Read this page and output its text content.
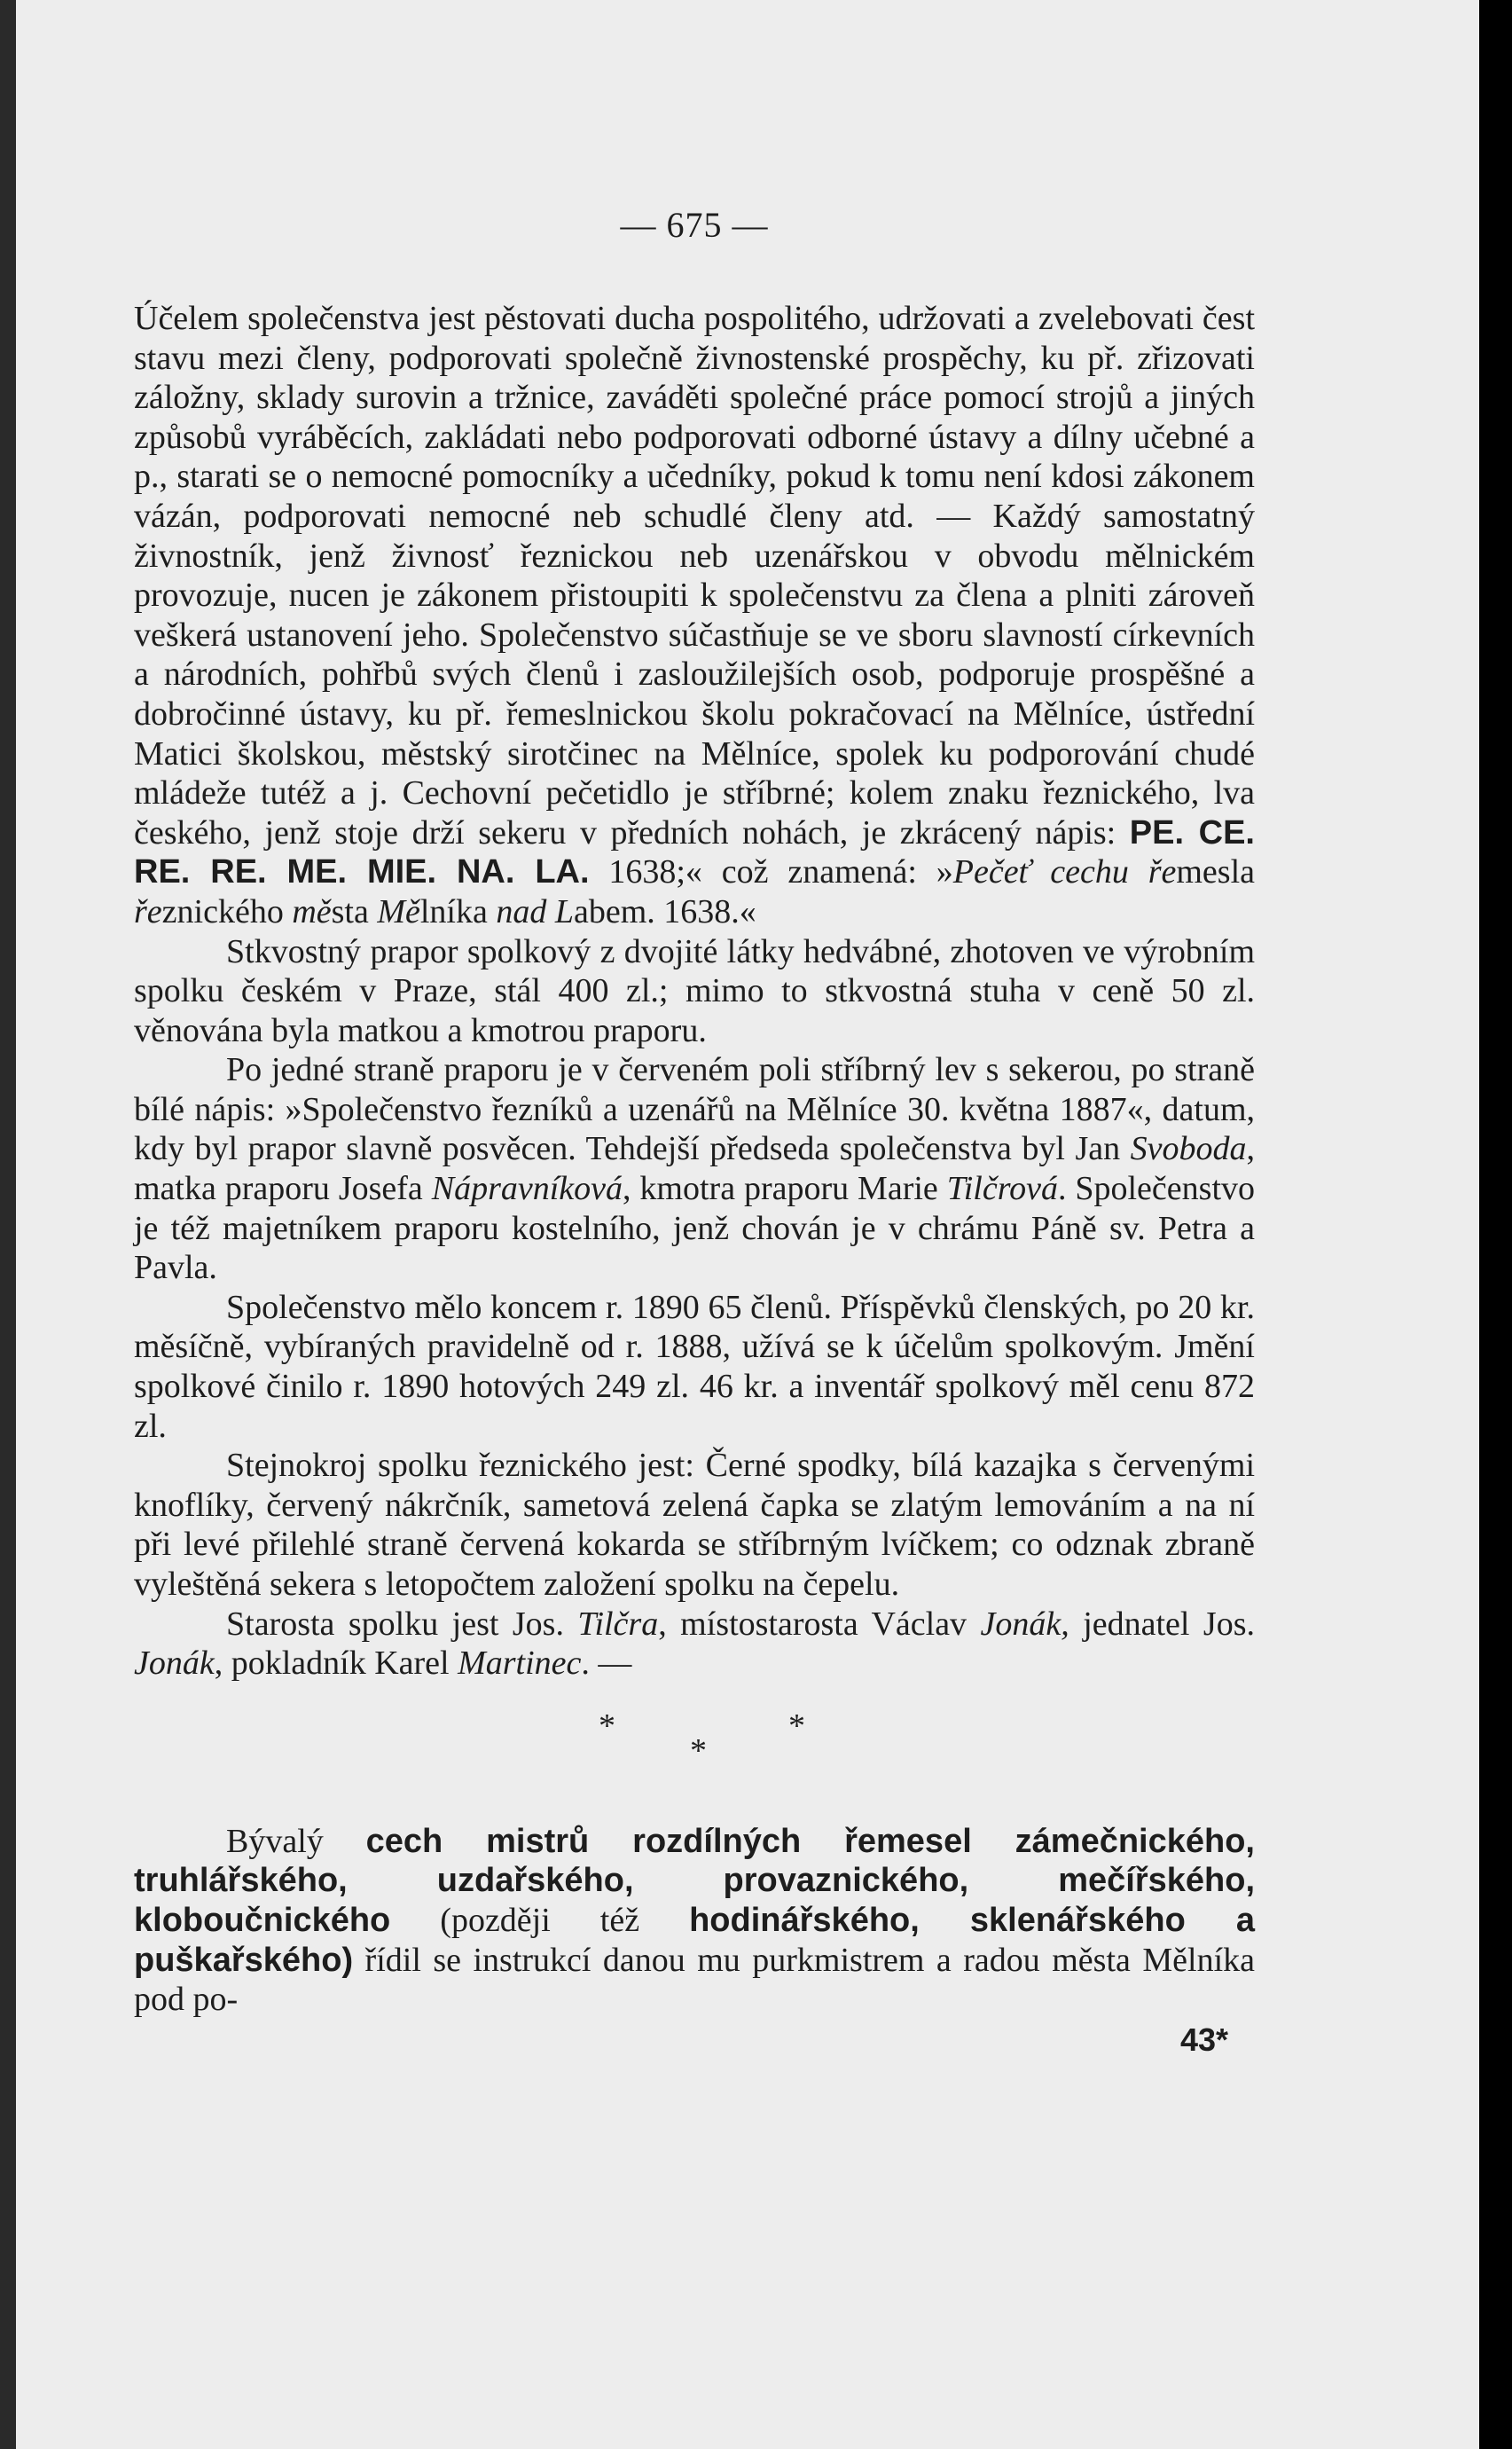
— 675 —

Účelem společenstva jest pěstovati ducha pospolitého, udržovati a zvelebovati čest stavu mezi členy, podporovati společně živnostenské prospěchy, ku př. zřizovati záložny, sklady surovin a tržnice, zaváděti společné práce pomocí strojů a jiných způsobů vyráběcích, zakládati nebo podporovati odborné ústavy a dílny učebné a p., starati se o nemocné pomocníky a učedníky, pokud k tomu není kdosi zákonem vázán, podporovati nemocné neb schudlé členy atd. — Každý samostatný živnostník, jenž živnosť řeznickou neb uzenářskou v obvodu mělnickém provozuje, nucen je zákonem přistoupiti k společenstvu za člena a plniti zároveň veškerá ustanovení jeho. Společenstvo súčastňuje se ve sboru slavností církevních a národních, pohřbů svých členů i zasloužilejších osob, podporuje prospěšné a dobročinné ústavy, ku př. řemeslnickou školu pokračovací na Mělníce, ústřední Matici školskou, městský sirotčinec na Mělníce, spolek ku podporování chudé mládeže tutéž a j. Cechovní pečetidlo je stříbrné; kolem znaku řeznického, lva českého, jenž stoje drží sekeru v předních nohách, je zkrácený nápis: PE. CE. RE. RE. ME. MIE. NA. LA. 1638;« což znamená: »Pečeť cechu řemesla řeznického města Mělníka nad Labem. 1638.«

Stkvostný prapor spolkový z dvojité látky hedvábné, zhotoven ve výrobním spolku českém v Praze, stál 400 zl.; mimo to stkvostná stuha v ceně 50 zl. věnována byla matkou a kmotrou praporu.

Po jedné straně praporu je v červeném poli stříbrný lev s sekerou, po straně bílé nápis: »Společenstvo řezníků a uzenářů na Mělníce 30. května 1887«, datum, kdy byl prapor slavně posvěcen. Tehdejší předseda společenstva byl Jan Svoboda, matka praporu Josefa Nápravníková, kmotra praporu Marie Tilčrová. Společenstvo je též majetníkem praporu kostelního, jenž chován je v chrámu Páně sv. Petra a Pavla.

Společenstvo mělo koncem r. 1890 65 členů. Příspěvků členských, po 20 kr. měsíčně, vybíraných pravidelně od r. 1888, užívá se k účelům spolkovým. Jmění spolkové činilo r. 1890 hotových 249 zl. 46 kr. a inventář spolkový měl cenu 872 zl.

Stejnokroj spolku řeznického jest: Černé spodky, bílá kazajka s červenými knoflíky, červený nákrčník, sametová zelená čapka se zlatým lemováním a na ní při levé přilehlé straně červená kokarda se stříbrným lvíčkem; co odznak zbraně vyleštěná sekera s letopočtem založení spolku na čepelu.

Starosta spolku jest Jos. Tilčra, místostarosta Václav Jonák, jednatel Jos. Jonák, pokladník Karel Martinec. —

*	*
*

Bývalý cech mistrů rozdílných řemesel zámečnického, truhlářského, uzdařského, provaznického, mečířského, kloboučnického (později též hodinářského, sklenářského a puškařského) řídil se instrukcí danou mu purkmistrem a radou města Mělníka pod po-

43*
